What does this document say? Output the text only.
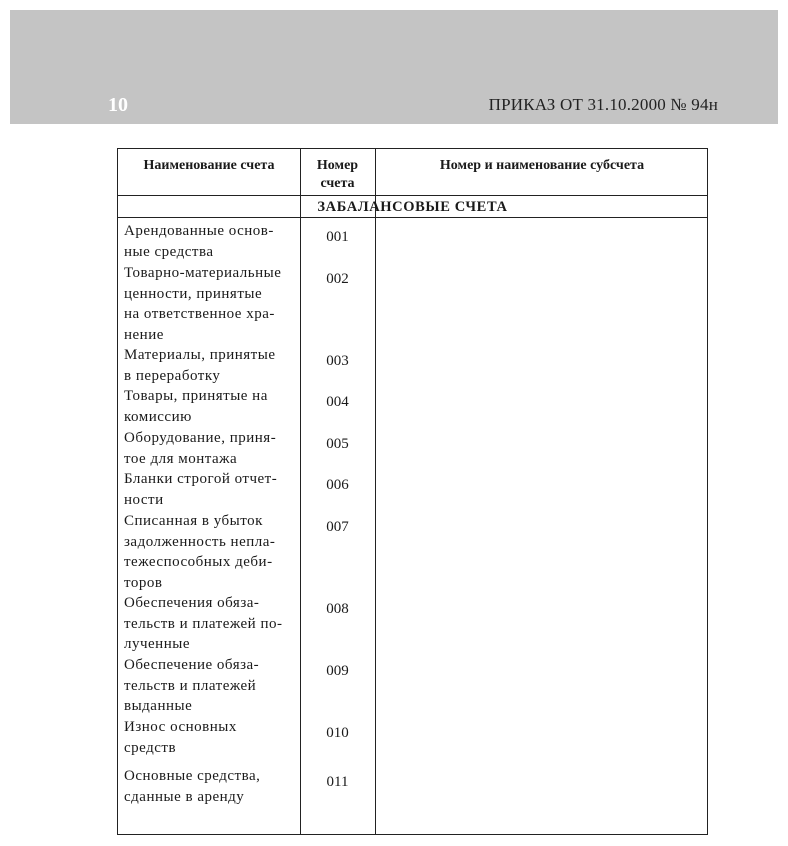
10	ПРИКАЗ ОТ 31.10.2000 № 94н
Наименование счета	Номер
счета
Номер и наименование субсчета
ЗАБАЛАНСОВЫЕ СЧЕТА
Арендованные основ-
ные средства
001
Товарно-материальные
ценности, принятые
на ответственное хра-
нение
002
Материалы, принятые
в переработку
003
Товары, принятые на
комиссию
004
Оборудование, приня-
тое для монтажа
005
Бланки строгой отчет-
ности
006
Списанная в убыток
задолженность непла-
тежеспособных деби-
торов
007
Обеспечения обяза-
тельств и платежей по-
лученные
008
Обеспечение обяза-
тельств и платежей
выданные
009
Износ основных
средств
010
Основные средства,
сданные в аренду
011
